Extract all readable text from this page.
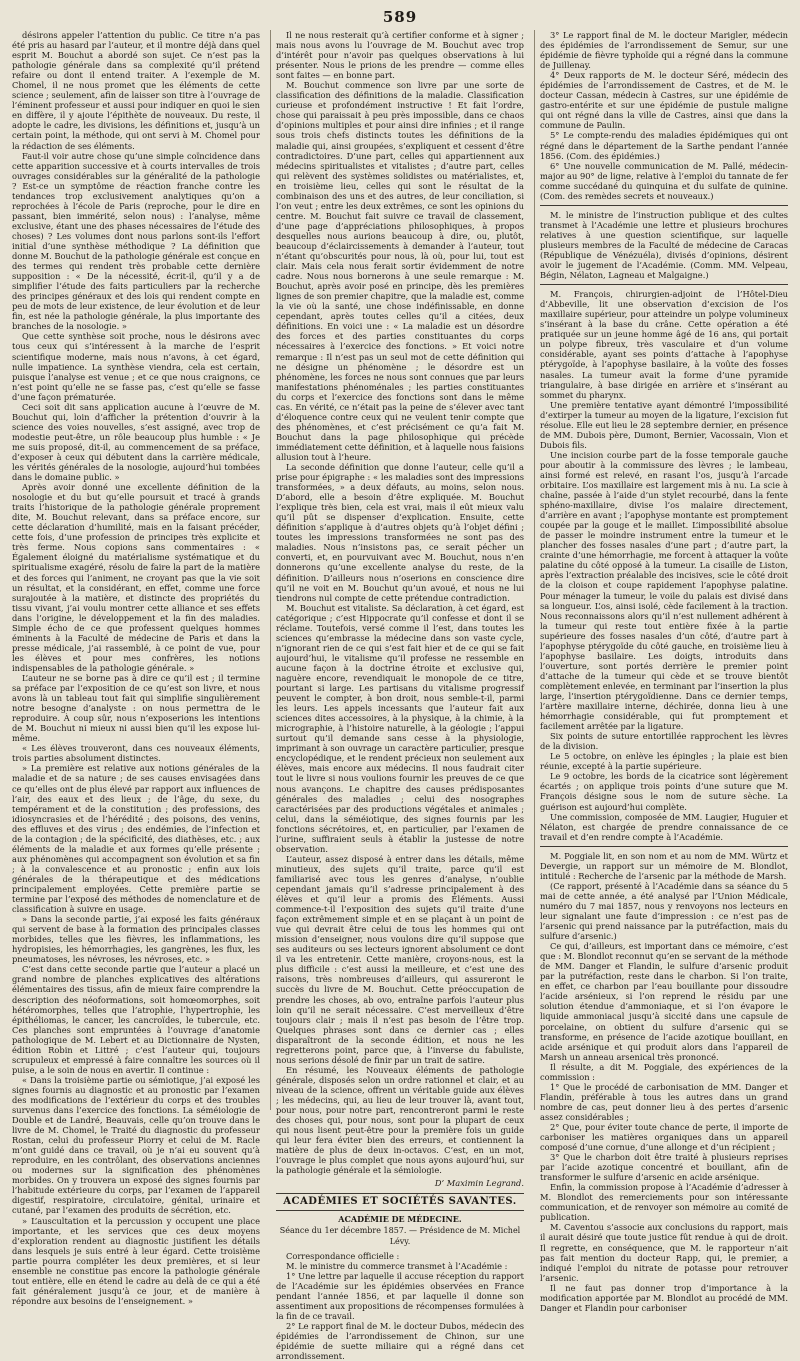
589

désirons appeler l’attention du public. Ce titre n’a pas été pris au hasard par l’auteur, et il montre déjà dans quel esprit M. Bouchut a abordé son sujet. Ce n’est pas la pathologie générale dans sa complexité qu’il prétend refaire ou dont il entend traiter. A l’exemple de M. Chomel, il ne nous promet que les éléments de cette science ; seulement, afin de laisser son titre à l’ouvrage de l’éminent professeur et aussi pour indiquer en quoi le sien en diffère, il y ajoute l’épithète de nouveaux. Du reste, il adopte le cadre, les divisions, les définitions et, jusqu’à un certain point, la méthode, qui ont servi à M. Chomel pour la rédaction de ses éléments.

Faut-il voir autre chose qu’une simple coïncidence dans cette apparition successive et à courts intervalles de trois ouvrages considérables sur la généralité de la pathologie ? Est-ce un symptôme de réaction franche contre les tendances trop exclusivement analytiques qu’on a reprochées à l’école de Paris (reproche, pour le dire en passant, bien immérité, selon nous) : l’analyse, même exclusive, étant une des phases nécessaires de l’étude des choses) ? Les volumes dont nous parlons sont-ils l’effort initial d’une synthèse méthodique ? La définition que donne M. Bouchut de la pathologie générale est conçue en des termes qui rendent très probable cette dernière supposition : « De la nécessité, écrit-il, qu’il y a de simplifier l’étude des faits particuliers par la recherche des principes généraux et des lois qui rendent compte en peu de mots de leur existence, de leur évolution et de leur fin, est née la pathologie générale, la plus importante des branches de la nosologie. »

Que cette synthèse soit proche, nous le désirons avec tous ceux qui s’intéressent à la marche de l’esprit scientifique moderne, mais nous n’avons, à cet égard, nulle impatience. La synthèse viendra, cela est certain, puisque l’analyse est venue ; et ce que nous craignons, ce n’est point qu’elle ne se fasse pas, c’est qu’elle se fasse d’une façon prématurée.

Ceci soit dit sans application aucune à l’œuvre de M. Bouchut qui, loin d’afficher la prétention d’ouvrir à la science des voies nouvelles, s’est assigné, avec trop de modestie peut-être, un rôle beaucoup plus humble : « Je me suis proposé, dit-il, au commencement de sa préface, d’exposer à ceux qui débutent dans la carrière médicale, les vérités générales de la nosologie, aujourd’hui tombées dans le domaine public. »

Après avoir donné une excellente définition de la nosologie et du but qu’elle poursuit et tracé à grands traits l’historique de la pathologie générale proprement dite, M. Bouchut relevant, dans sa préface encore, sur cette déclaration d’humilité, mais en la faisant précéder, cette fois, d’une profession de principes très explicite et très ferme. Nous copions sans commentaires : « Également éloigné du matérialisme systématique et du spiritualisme exagéré, résolu de faire la part de la matière et des forces qui l’animent, ne croyant pas que la vie soit un résultat, et la considérant, en effet, comme une force surajoutée à la matière, et distincte des propriétés du tissu vivant, j’ai voulu montrer cette alliance et ses effets dans l’origine, le développement et la fin des maladies. Simple écho de ce que professent quelques hommes éminents à la Faculté de médecine de Paris et dans la presse médicale, j’ai rassemblé, à ce point de vue, pour les élèves et pour mes confrères, les notions indispensables de la pathologie générale. »

L’auteur ne se borne pas à dire ce qu’il est ; il termine sa préface par l’exposition de ce qu’est son livre, et nous avons là un tableau tout fait qui simplifie singulièrement notre besogne d’analyste : on nous permettra de le reproduire. À coup sûr, nous n’exposerions les intentions de M. Bouchut ni mieux ni aussi bien qu’il les expose lui-même.

« Les élèves trouveront, dans ces nouveaux éléments, trois parties absolument distinctes.

» La première est relative aux notions générales de la maladie et de sa nature ; de ses causes envisagées dans ce qu’elles ont de plus élevé par rapport aux influences de l’air, des eaux et des lieux ; de l’âge, du sexe, du tempérament et de la constitution ; des professions, des idiosyncrasies et de l’hérédité ; des poisons, des venins, des effluves et des virus ; des endémies, de l’infection et de la contagion ; de la spécificité, des diathèses, etc. ; aux éléments de la maladie et aux formes qu’elle présente ; aux phénomènes qui accompagnent son évolution et sa fin ; à la convalescence et au pronostic ; enfin aux lois générales de la thérapeutique et des médications principalement employées. Cette première partie se termine par l’exposé des méthodes de nomenclature et de classification à suivre en usage.

» Dans la seconde partie, j’ai exposé les faits généraux qui servent de base à la formation des principales classes morbides, telles que les fièvres, les inflammations, les hydropisies, les hémorrhagies, les gangrènes, les flux, les pneumatoses, les névroses, les névroses, etc. »

C’est dans cette seconde partie que l’auteur a placé un grand nombre de planches explicatives des altérations élémentaires des tissus, afin de mieux faire comprendre la description des néoformations, soit homœomorphes, soit hétéromorphes, telles que l’atrophie, l’hypertrophie, les épithéliomas, le cancer, les cancroïdes, le tubercule, etc. Ces planches sont empruntées à l’ouvrage d’anatomie pathologique de M. Lebert et au Dictionnaire de Nysten, édition Robin et Littré ; c’est l’auteur qui, toujours scrupuleux et empressé à faire connaître les sources où il puise, a le soin de nous en avertir. Il continue :

« Dans la troisième partie ou sémiotique, j’ai exposé les signes fournis au diagnostic et au pronostic par l’examen des modifications de l’extérieur du corps et des troubles survenus dans l’exercice des fonctions. La séméiologie de Double et de Landré, Beauvais, celle qu’on trouve dans le livre de M. Chomel, le Traité du diagnostic du professeur Rostan, celui du professeur Piorry et celui de M. Racle m’ont guidé dans ce travail, où je n’ai eu souvent qu’à reproduire, en les contrôlant, des observations anciennes ou modernes sur la signification des phénomènes morbides. On y trouvera un exposé des signes fournis par l’habitude extérieure du corps, par l’examen de l’appareil digestif, respiratoire, circulatoire, génital, urinaire et cutané, par l’examen des produits de sécrétion, etc.

» L’auscultation et la percussion y occupent une place importante, et les services que ces deux moyens d’exploration rendent au diagnostic justifient les détails dans lesquels je suis entré à leur égard. Cette troisième partie pourra compléter les deux premières, et si leur ensemble ne constitue pas encore la pathologie générale tout entière, elle en étend le cadre au delà de ce qui a été fait généralement jusqu’à ce jour, et de manière à répondre aux besoins de l’enseignement. »

Il ne nous resterait qu’à certifier conforme et à signer ; mais nous avons lu l’ouvrage de M. Bouchut avec trop d’intérêt pour n’avoir pas quelques observations à lui présenter. Nous le prions de les prendre — comme elles sont faites — en bonne part.

M. Bouchut commence son livre par une sorte de classification des définitions de la maladie. Classification curieuse et profondément instructive ! Et fait l’ordre, chose qui paraissait à peu près impossible, dans ce chaos d’opinions multiples et pour ainsi dire infinies ; et il range sous trois chefs distincts toutes les définitions de la maladie qui, ainsi groupées, s’expliquent et cessent d’être contradictoires. D’une part, celles qui appartiennent aux médecins spiritualistes et vitalistes ; d’autre part, celles qui relèvent des systèmes solidistes ou matérialistes, et, en troisième lieu, celles qui sont le résultat de la combinaison des uns et des autres, de leur conciliation, si l’on veut ; entre les deux extrêmes, ce sont les opinions du centre. M. Bouchut fait suivre ce travail de classement, d’une page d’appréciations philosophiques, à propos desquelles nous aurions beaucoup à dire, ou, plutôt, beaucoup d’éclaircissements à demander à l’auteur, tout n’étant qu’obscurités pour nous, là où, pour lui, tout est clair. Mais cela nous ferait sortir évidemment de notre cadre. Nous nous bornerons à une seule remarque : M. Bouchut, après avoir posé en principe, dès les premières lignes de son premier chapitre, que la maladie est, comme la vie où la santé, une chose indéfinissable, en donne cependant, après toutes celles qu’il a citées, deux définitions. En voici une : « La maladie est un désordre des forces et des parties constituantes du corps nécessaires à l’exercice des fonctions. » Et voici notre remarque : Il n’est pas un seul mot de cette définition qui ne désigne un phénomène ; le désordre est un phénomène, les forces ne nous sont connues que par leurs manifestations phénoménales ; les parties constituantes du corps et l’exercice des fonctions sont dans le même cas. En vérité, ce n’était pas la peine de s’élever avec tant d’éloquence contre ceux qui ne veulent tenir compte que des phénomènes, et c’est précisément ce qu’a fait M. Bouchut dans la page philosophique qui précède immédiatement cette définition, et à laquelle nous faisions allusion tout à l’heure.

La seconde définition que donne l’auteur, celle qu’il a prise pour épigraphe : « les maladies sont des impressions transformées, » a deux défauts, au moins, selon nous. D’abord, elle a besoin d’être expliquée. M. Bouchut l’explique très bien, cela est vrai, mais il eût mieux valu qu’il pût se dispenser d’explication. Ensuite, cette définition s’applique à d’autres objets qu’à l’objet défini ; toutes les impressions transformées ne sont pas des maladies. Nous n’insistons pas, ce serait pécher un converti, et, en pourvuivant avec M. Bouchut, nous n’en donnerons qu’une excellente analyse du reste, de la définition. D’ailleurs nous n’oserions en conscience dire qu’il ne voit en M. Bouchut qu’un avoué, et nous ne lui tiendrons nul compte de cette prétendue contradiction.

M. Bouchut est vitaliste. Sa déclaration, à cet égard, est catégorique ; c’est Hippocrate qu’il confesse et dont il se réclame. Toutefois, versé comme il l’est, dans toutes les sciences qu’embrasse la médecine dans son vaste cycle, n’ignorant rien de ce qui s’est fait hier et de ce qui se fait aujourd’hui, le vitalisme qu’il professe ne ressemble en aucune façon à la doctrine étroite et exclusive qui, naguère encore, revendiquait le monopole de ce titre, pourtant si large. Les partisans du vitalisme progressif peuvent le compter, à bon droit, nous semble-t-il, parmi les leurs. Les appels incessants que l’auteur fait aux sciences dites accessoires, à la physique, à la chimie, à la micrographie, à l’histoire naturelle, à la géologie ; l’appui surtout qu’il demande sans cesse à la physiologie, imprimant à son ouvrage un caractère particulier, presque encyclopédique, et le rendent précieux non seulement aux élèves, mais encore aux médecins. Il nous faudrait citer tout le livre si nous voulions fournir les preuves de ce que nous avançons. Le chapitre des causes prédisposantes générales des maladies ; celui des nosographes caractérisées par des productions végétales et animales ; celui, dans la séméiotique, des signes fournis par les fonctions sécrétoires, et, en particulier, par l’examen de l’urine, suffiraient seuls à établir la justesse de notre observation.

L’auteur, assez disposé à entrer dans les détails, même minutieux, des sujets qu’il traite, parce qu’il est familiarisé avec tous les genres d’analyse, n’oublie cependant jamais qu’il s’adresse principalement à des élèves et qu’il leur a promis des Éléments. Aussi commence-t-il l’exposition des sujets qu’il traite d’une façon extrêmement simple et en se plaçant à un point de vue qui devrait être celui de tous les hommes qui ont mission d’enseigner, nous voulons dire qu’il suppose que ses auditeurs ou ses lecteurs ignorent absolument ce dont il va les entretenir. Cette manière, croyons-nous, est la plus difficile : c’est aussi la meilleure, et c’est une des raisons, très nombreuses d’ailleurs, qui assureront le succès du livre de M. Bouchut. Cette préoccupation de prendre les choses, ab ovo, entraîne parfois l’auteur plus loin qu’il ne serait nécessaire. C’est merveilleux d’être toujours clair ; mais il n’est pas besoin de l’être trop. Quelques phrases sont dans ce dernier cas ; elles disparaîtront de la seconde édition, et nous ne les regretterons point, parce que, à l’inverse du fabuliste, nous serions désolé de finir par un trait de satire.

En résumé, les Nouveaux éléments de pathologie générale, disposés selon un ordre rationnel et clair, et au niveau de la science, offrent un véritable guide aux élèves ; les médecins, qui, au lieu de leur trouver là, avant tout, pour nous, pour notre part, rencontreront parmi le reste des choses qui, pour nous, sont pour la plupart de ceux qui nous lisent peut-être pour la première fois un guide qui leur fera éviter bien des erreurs, et contiennent la matière de plus de deux in-octavos. C’est, en un mot, l’ouvrage le plus complet que nous ayons aujourd’hui, sur la pathologie générale et la sémiologie.

D’ Maximin Legrand.
ACADÉMIES ET SOCIÉTÉS SAVANTES.
ACADÉMIE DE MÉDECINE.
Séance du 1er décembre 1857. — Présidence de M. Michel Lévy.

Correspondance officielle :

M. le ministre du commerce transmet à l’Académie :

1° Une lettre par laquelle il accuse réception du rapport de l’Académie sur les épidémies observées en France pendant l’année 1856, et par laquelle il donne son assentiment aux propositions de récompenses formulées à la fin de ce travail.

2° Le rapport final de M. le docteur Dubos, médecin des épidémies de l’arrondissement de Chinon, sur une épidémie de suette miliaire qui a régné dans cet arrondissement.

3° Le rapport final de M. le docteur Marigler, médecin des épidémies de l’arrondissement de Semur, sur une épidémie de fièvre typhoïde qui a régné dans la commune de Juillenay.

4° Deux rapports de M. le docteur Séré, médecin des épidémies de l’arrondissement de Castres, et de M. le docteur Cassan, médecin à Castres, sur une épidémie de gastro-entérite et sur une épidémie de pustule maligne qui ont régné dans la ville de Castres, ainsi que dans la commune de Paulin.

5° Le compte-rendu des maladies épidémiques qui ont régné dans le département de la Sarthe pendant l’année 1856. (Com. des épidémies.)

6° Une nouvelle communication de M. Pallé, médecin-major au 90° de ligne, relative à l’emploi du tannate de fer comme succédané du quinquina et du sulfate de quinine. (Com. des remèdes secrets et nouveaux.)

M. le ministre de l’instruction publique et des cultes transmet à l’Académie une lettre et plusieurs brochures relatives à une question scientifique, sur laquelle plusieurs membres de la Faculté de médecine de Caracas (République de Vénézuéla), divisés d’opinions, désirent avoir le jugement de l’Académie. (Comm. MM. Velpeau, Bégin, Nélaton, Lagneau et Malgaigne.)

M. François, chirurgien-adjoint de l’Hôtel-Dieu d’Abbeville, lit une observation d’excision de l’os maxillaire supérieur, pour atteindre un polype volumineux s’insérant à la base du crâne. Cette opération a été pratiquée sur un jeune homme âgé de 16 ans, qui portait un polype fibreux, très vasculaire et d’un volume considérable, ayant ses points d’attache à l’apophyse ptérygoïde, à l’apophyse basilaire, à la voûte des fosses nasales. La tumeur avait la forme d’une pyramide triangulaire, à base dirigée en arrière et s’insérant au sommet du pharynx.

Une première tentative ayant démontré l’impossibilité d’extirper la tumeur au moyen de la ligature, l’excision fut résolue. Elle eut lieu le 28 septembre dernier, en présence de MM. Dubois père, Dumont, Bernier, Vacossain, Vion et Dubois fils.

Une incision courbe part de la fosse temporale gauche pour aboutir à la commissure des lèvres ; le lambeau, ainsi formé est relevé, en rasant l’os, jusqu’à l’arcade orbitaire. L’os maxillaire est largement mis à nu. La scie à chaîne, passée à l’aide d’un stylet recourbé, dans la fente sphéno-maxillaire, divise l’os malaire directement, d’arrière en avant ; l’apophyse montante est promptement coupée par la gouge et le maillet. L’impossibilité absolue de passer le moindre instrument entre la tumeur et le plancher des fosses nasales d’une part ; d’autre part, la crainte d’une hémorrhagie, me forcent à attaquer la voûte palatine du côté opposé à la tumeur. La cisaille de Liston, après l’extraction préalable des incisives, scie le côté droit de la cloison et coupe rapidement l’apophyse palatine. Pour ménager la tumeur, le voile du palais est divisé dans sa longueur. L’os, ainsi isolé, cède facilement à la traction. Nous reconnaissons alors qu’il n’est nullement adhérent à la tumeur qui reste tout entière fixée à la partie supérieure des fosses nasales d’un côté, d’autre part à l’apophyse ptérygoïde du côté gauche, en troisième lieu à l’apophyse basilaire. Les doigts, introduits dans l’ouverture, sont portés derrière le premier point d’attache de la tumeur qui cède et se trouve bientôt complètement enlevée, en terminant par l’insertion la plus large, l’insertion ptérygoïdienne. Dans ce dernier temps, l’artère maxillaire interne, déchirée, donna lieu à une hémorrhagie considérable, qui fut promptement et facilement arrêtée par la ligature.

Six points de suture entortillée rapprochent les lèvres de la division.

Le 5 octobre, on enlève les épingles ; la plaie est bien réunie, excepté à la partie supérieure.

Le 9 octobre, les bords de la cicatrice sont légèrement écartés ; on applique trois points d’une suture que M. François désigne sous le nom de suture sèche. La guérison est aujourd’hui complète.

Une commission, composée de MM. Laugier, Huguier et Nélaton, est chargée de prendre connaissance de ce travail et d’en rendre compte à l’Académie.

M. Poggiale lit, en son nom et au nom de MM. Würtz et Devergie, un rapport sur un mémoire de M. Blondlot, intitulé : Recherche de l’arsenic par la méthode de Marsh.

(Ce rapport, présenté à l’Académie dans sa séance du 5 mai de cette année, a été analysé par l’Union Médicale, numéro du 7 mai 1857, nous y renvoyons nos lecteurs en leur signalant une faute d’impression : ce n’est pas de l’arsenic qui prend naissance par la putréfaction, mais du sulfure d’arsenic.)

Ce qui, d’ailleurs, est important dans ce mémoire, c’est que : M. Blondlot reconnut qu’en se servant de la méthode de MM. Danger et Flandin, le sulfure d’arsenic produit par la putréfaction, reste dans le charbon. Si l’on traite, en effet, ce charbon par l’eau bouillante pour dissoudre l’acide arsénieux, si l’on reprend le résidu par une solution étendue d’ammoniaque, et si l’on évapore le liquide ammoniacal jusqu’à siccité dans une capsule de porcelaine, on obtient du sulfure d’arsenic qui se transforme, en présence de l’acide azotique bouillant, en acide arsénique et qui produit alors dans l’appareil de Marsh un anneau arsenical très prononcé.

Il résulte, a dit M. Poggiale, des expériences de la commission :

1° Que le procédé de carbonisation de MM. Danger et Flandin, préférable à tous les autres dans un grand nombre de cas, peut donner lieu à des pertes d’arsenic assez considérables ;

2° Que, pour éviter toute chance de perte, il importe de carboniser les matières organiques dans un appareil composé d’une cornue, d’une allonge et d’un récipient ;

3° Que le charbon doit être traité à plusieurs reprises par l’acide azotique concentré et bouillant, afin de transformer le sulfure d’arsenic en acide arsénique.

Enfin, la commission propose à l’Académie d’adresser à M. Blondlot des remerciements pour son intéressante communication, et de renvoyer son mémoire au comité de publication.

M. Caventou s’associe aux conclusions du rapport, mais il aurait désiré que toute justice fût rendue à qui de droit. Il regrette, en conséquence, que M. le rapporteur n’ait pas fait mention du docteur Rapp, qui, le premier, a indiqué l’emploi du nitrate de potasse pour retrouver l’arsenic.

Il ne faut pas donner trop d’importance à la modification apportée par M. Blondlot au procédé de MM. Danger et Flandin pour carboniser
